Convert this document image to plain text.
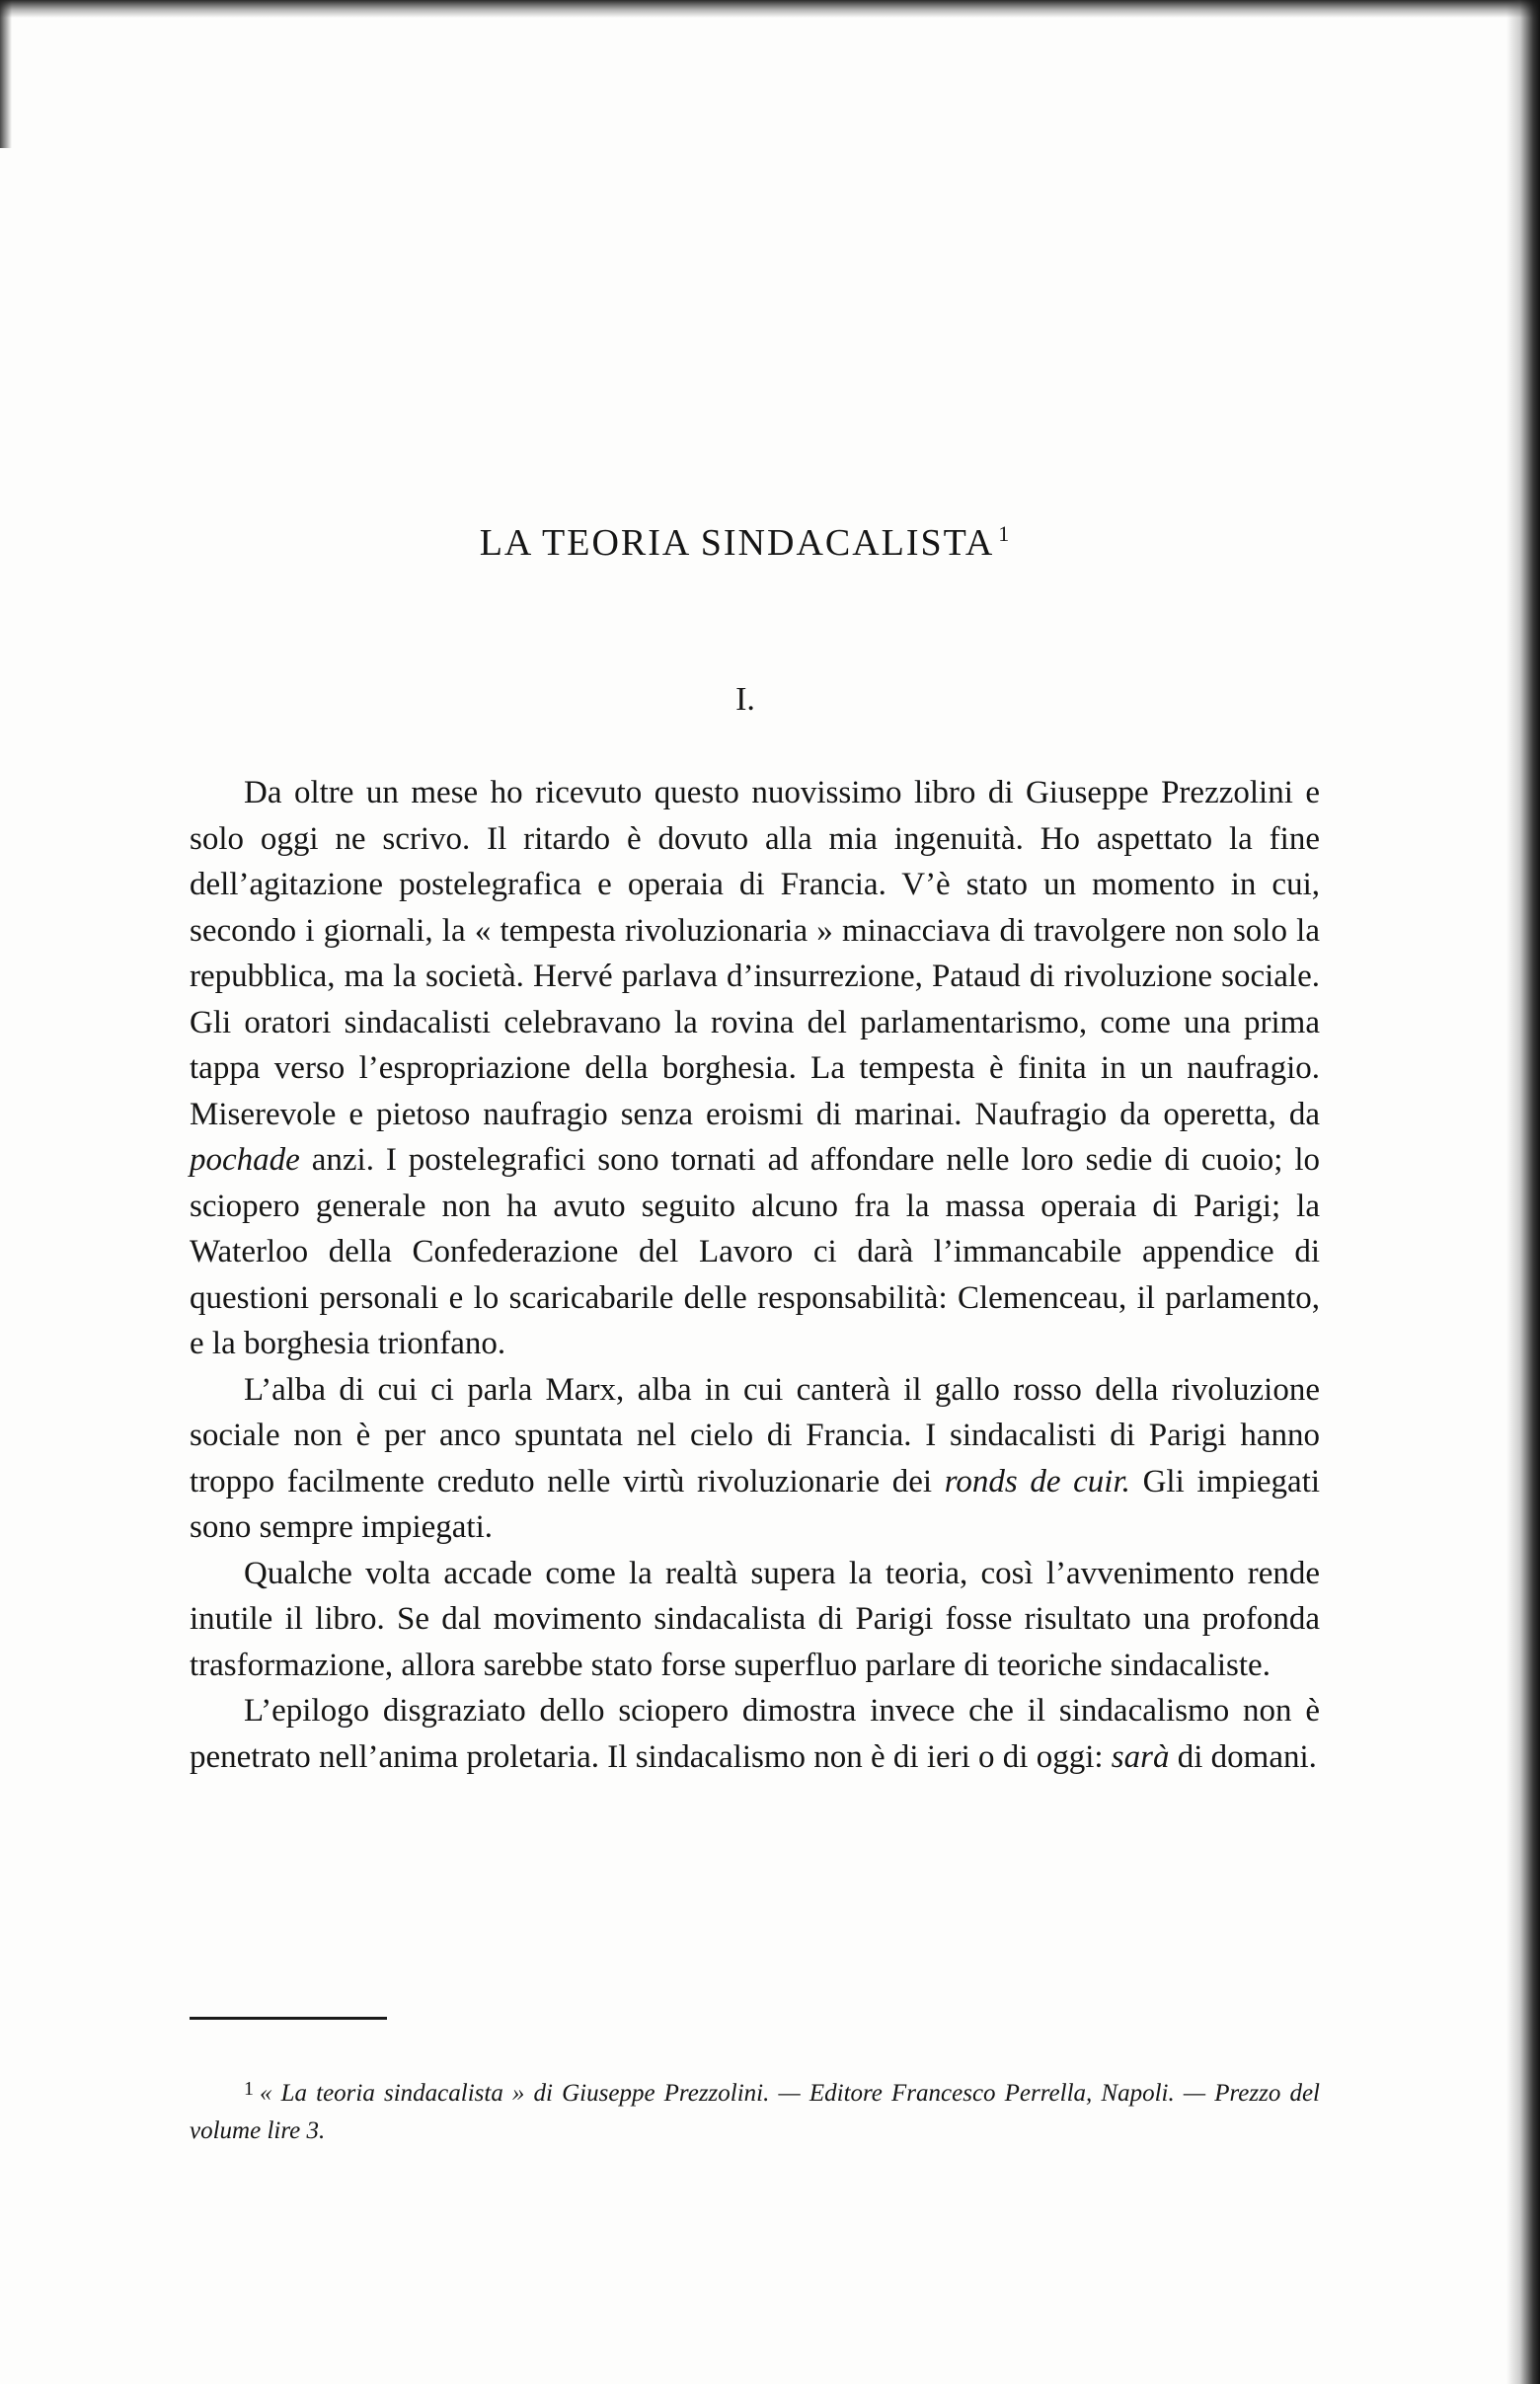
LA TEORIA SINDACALISTA $^1$
I.

Da oltre un mese ho ricevuto questo nuovissimo libro di Giuseppe Prezzolini e solo oggi ne scrivo. Il ritardo è dovuto alla mia ingenuità. Ho aspettato la fine dell’agitazione postelegrafica e operaia di Francia. V’è stato un momento in cui, secondo i giornali, la « tempesta rivoluzionaria » minacciava di travolgere non solo la repubblica, ma la società. Hervé parlava d’insurrezione, Pataud di rivoluzione sociale. Gli oratori sindacalisti celebravano la rovina del parlamentarismo, come una prima tappa verso l’espropriazione della borghesia. La tempesta è finita in un naufragio. Miserevole e pietoso naufragio senza eroismi di marinai. Naufragio da operetta, da pochade anzi. I postelegrafici sono tornati ad affondare nelle loro sedie di cuoio; lo sciopero generale non ha avuto seguito alcuno fra la massa operaia di Parigi; la Waterloo della Confederazione del Lavoro ci darà l’immancabile appendice di questioni personali e lo scaricabarile delle responsabilità: Clemenceau, il parlamento, e la borghesia trionfano.

L’alba di cui ci parla Marx, alba in cui canterà il gallo rosso della rivoluzione sociale non è per anco spuntata nel cielo di Francia. I sindacalisti di Parigi hanno troppo facilmente creduto nelle virtù rivoluzionarie dei ronds de cuir. Gli impiegati sono sempre impiegati.

Qualche volta accade come la realtà supera la teoria, così l’avvenimento rende inutile il libro. Se dal movimento sindacalista di Parigi fosse risultato una profonda trasformazione, allora sarebbe stato forse superfluo parlare di teoriche sindacaliste.

L’epilogo disgraziato dello sciopero dimostra invece che il sindacalismo non è penetrato nell’anima proletaria. Il sindacalismo non è di ieri o di oggi: sarà di domani.

$^1$ « La teoria sindacalista » di Giuseppe Prezzolini. — Editore Francesco Perrella, Napoli. — Prezzo del volume lire 3.
